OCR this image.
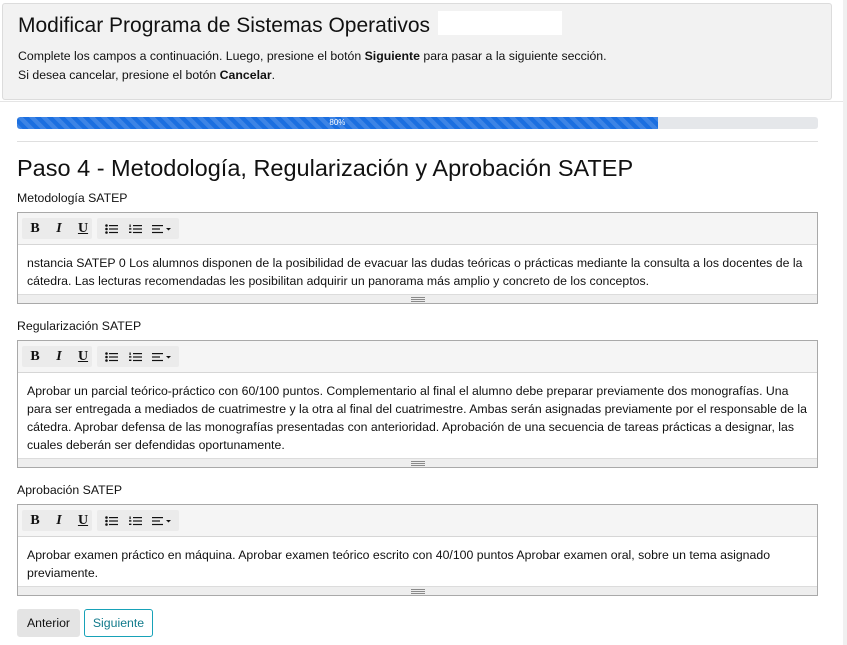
Modificar Programa de Sistemas Operativos
Complete los campos a continuación. Luego, presione el botón Siguiente para pasar a la siguiente sección.
Si desea cancelar, presione el botón Cancelar.
80%
Paso 4 - Metodología, Regularización y Aprobación SATEP
Metodología SATEP
B	I	U
nstancia SATEP 0 Los alumnos disponen de la posibilidad de evacuar las dudas teóricas o prácticas mediante la consulta a los docentes de la cátedra. Las lecturas recomendadas les posibilitan adquirir un panorama más amplio y concreto de los conceptos.
Regularización SATEP
B	I	U
Aprobar un parcial teórico-práctico con 60/100 puntos. Complementario al final el alumno debe preparar previamente dos monografías. Una para ser entregada a mediados de cuatrimestre y la otra al final del cuatrimestre. Ambas serán asignadas previamente por el responsable de la cátedra. Aprobar defensa de las monografías presentadas con anterioridad. Aprobación de una secuencia de tareas prácticas a designar, las cuales deberán ser defendidas oportunamente.
Aprobación SATEP
B	I	U
Aprobar examen práctico en máquina. Aprobar examen teórico escrito con 40/100 puntos Aprobar examen oral, sobre un tema asignado previamente.
Anterior	Siguiente
